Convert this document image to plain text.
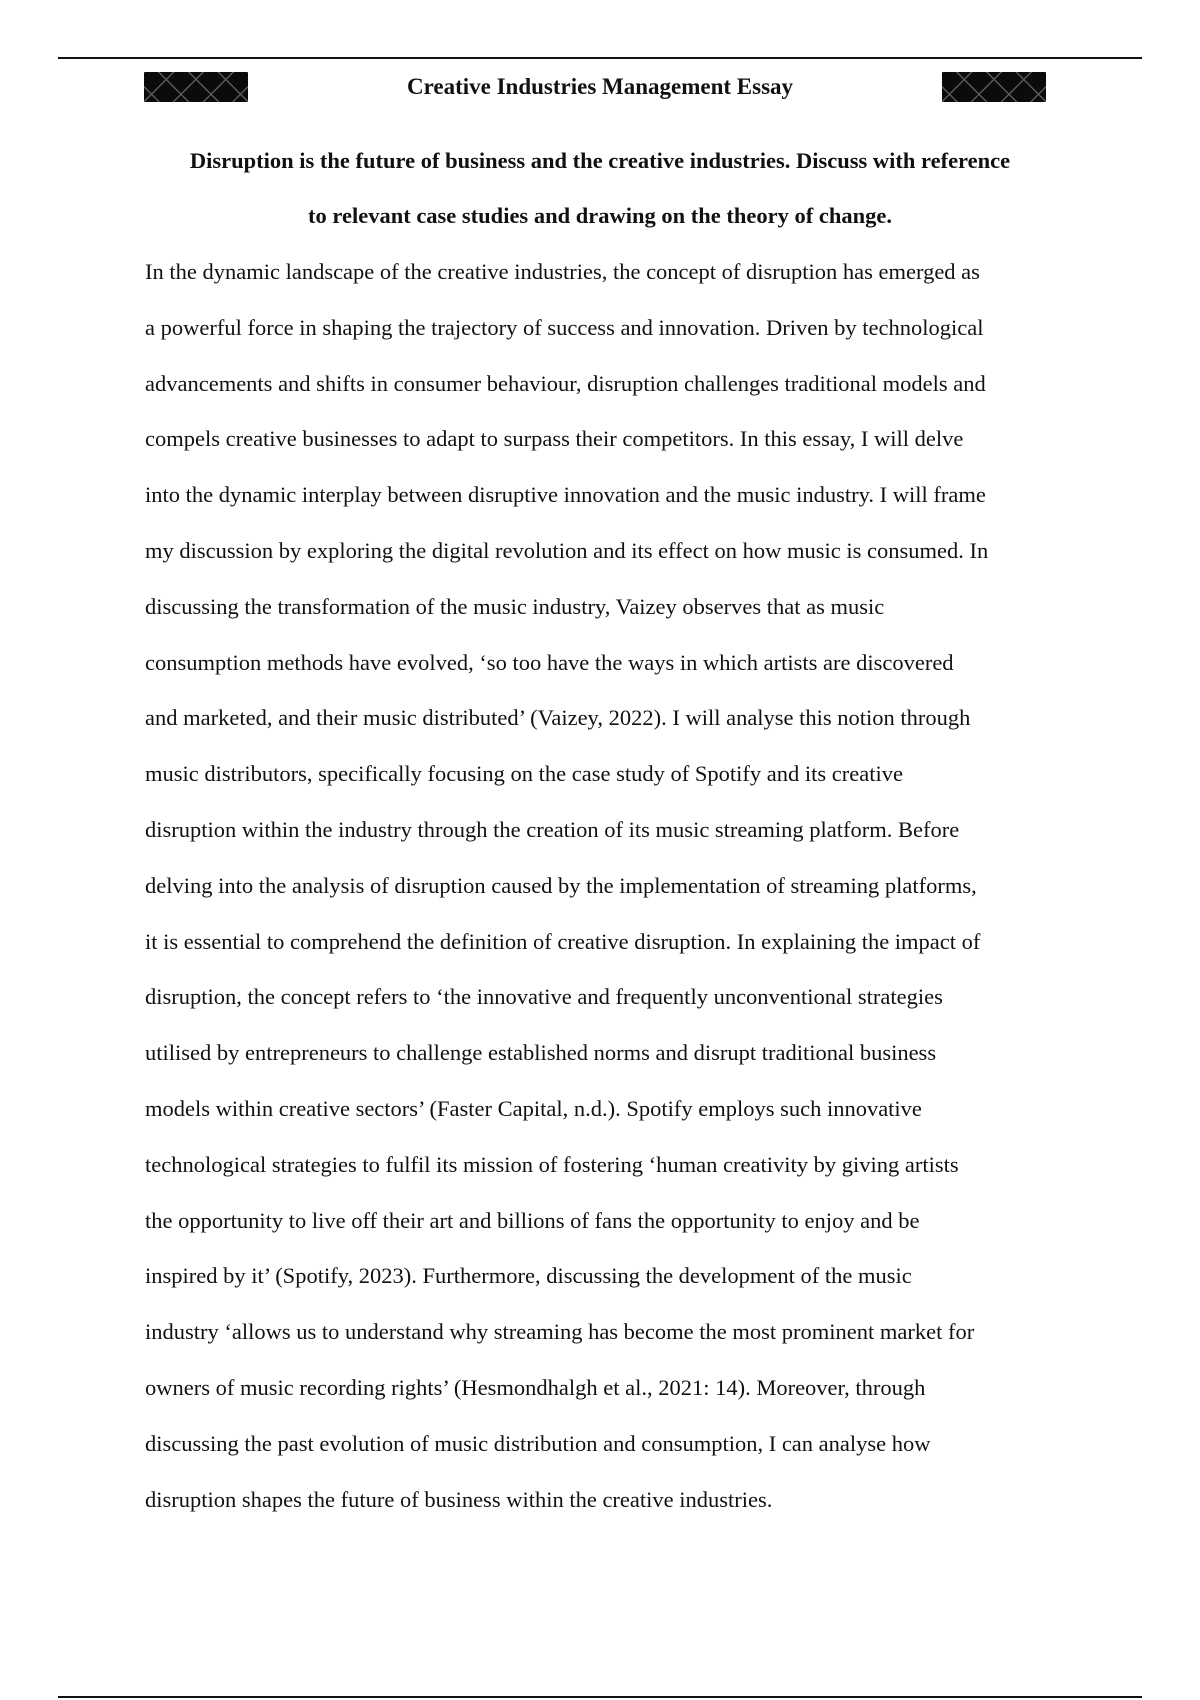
Creative Industries Management Essay

Disruption is the future of business and the creative industries. Discuss with reference
to relevant case studies and drawing on the theory of change.

In the dynamic landscape of the creative industries, the concept of disruption has emerged as
a powerful force in shaping the trajectory of success and innovation. Driven by technological
advancements and shifts in consumer behaviour, disruption challenges traditional models and
compels creative businesses to adapt to surpass their competitors. In this essay, I will delve
into the dynamic interplay between disruptive innovation and the music industry. I will frame
my discussion by exploring the digital revolution and its effect on how music is consumed. In
discussing the transformation of the music industry, Vaizey observes that as music
consumption methods have evolved, ‘so too have the ways in which artists are discovered
and marketed, and their music distributed’ (Vaizey, 2022). I will analyse this notion through
music distributors, specifically focusing on the case study of Spotify and its creative
disruption within the industry through the creation of its music streaming platform. Before
delving into the analysis of disruption caused by the implementation of streaming platforms,
it is essential to comprehend the definition of creative disruption. In explaining the impact of
disruption, the concept refers to ‘the innovative and frequently unconventional strategies
utilised by entrepreneurs to challenge established norms and disrupt traditional business
models within creative sectors’ (Faster Capital, n.d.). Spotify employs such innovative
technological strategies to fulfil its mission of fostering ‘human creativity by giving artists
the opportunity to live off their art and billions of fans the opportunity to enjoy and be
inspired by it’ (Spotify, 2023). Furthermore, discussing the development of the music
industry ‘allows us to understand why streaming has become the most prominent market for
owners of music recording rights’ (Hesmondhalgh et al., 2021: 14). Moreover, through
discussing the past evolution of music distribution and consumption, I can analyse how
disruption shapes the future of business within the creative industries.
